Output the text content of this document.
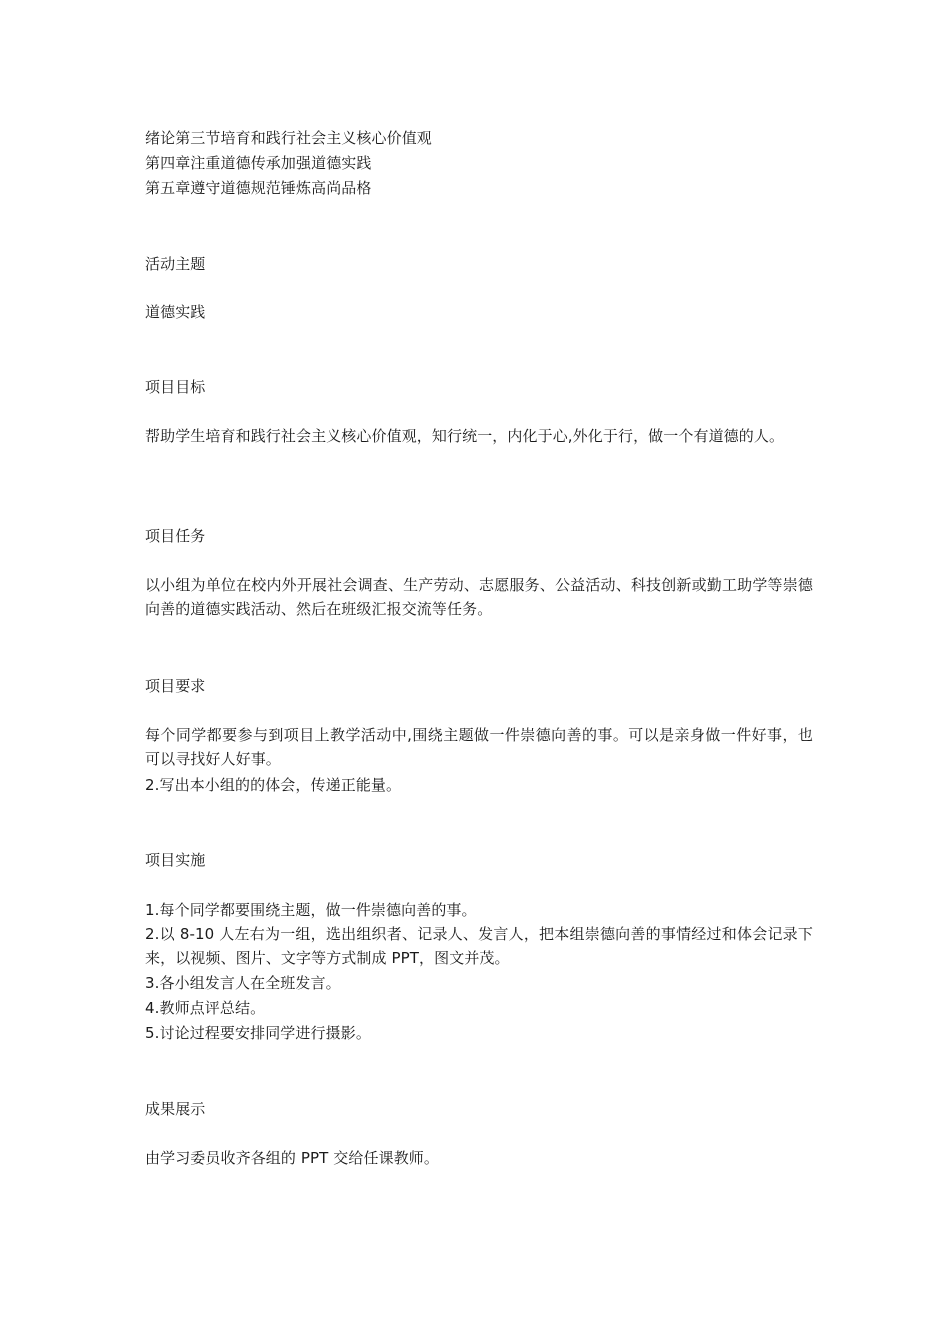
绪论第三节培育和践行社会主义核心价值观
第四章注重道德传承加强道德实践
第五章遵守道德规范锤炼高尚品格
活动主题
道德实践
项目目标
帮助学生培育和践行社会主义核心价值观，知行统一，内化于心,外化于行，做一个有道德的人。
项目任务
以小组为单位在校内外开展社会调查、生产劳动、志愿服务、公益活动、科技创新或勤工助学等崇德向善的道德实践活动、然后在班级汇报交流等任务。
项目要求
每个同学都要参与到项目上教学活动中,围绕主题做一件崇德向善的事。可以是亲身做一件好事，也可以寻找好人好事。
2.写出本小组的的体会，传递正能量。
项目实施
1.每个同学都要围绕主题，做一件崇德向善的事。
2.以 8-10 人左右为一组，选出组织者、记录人、发言人，把本组崇德向善的事情经过和体会记录下来，以视频、图片、文字等方式制成 PPT，图文并茂。
3.各小组发言人在全班发言。
4.教师点评总结。
5.讨论过程要安排同学进行摄影。
成果展示
由学习委员收齐各组的 PPT 交给任课教师。
